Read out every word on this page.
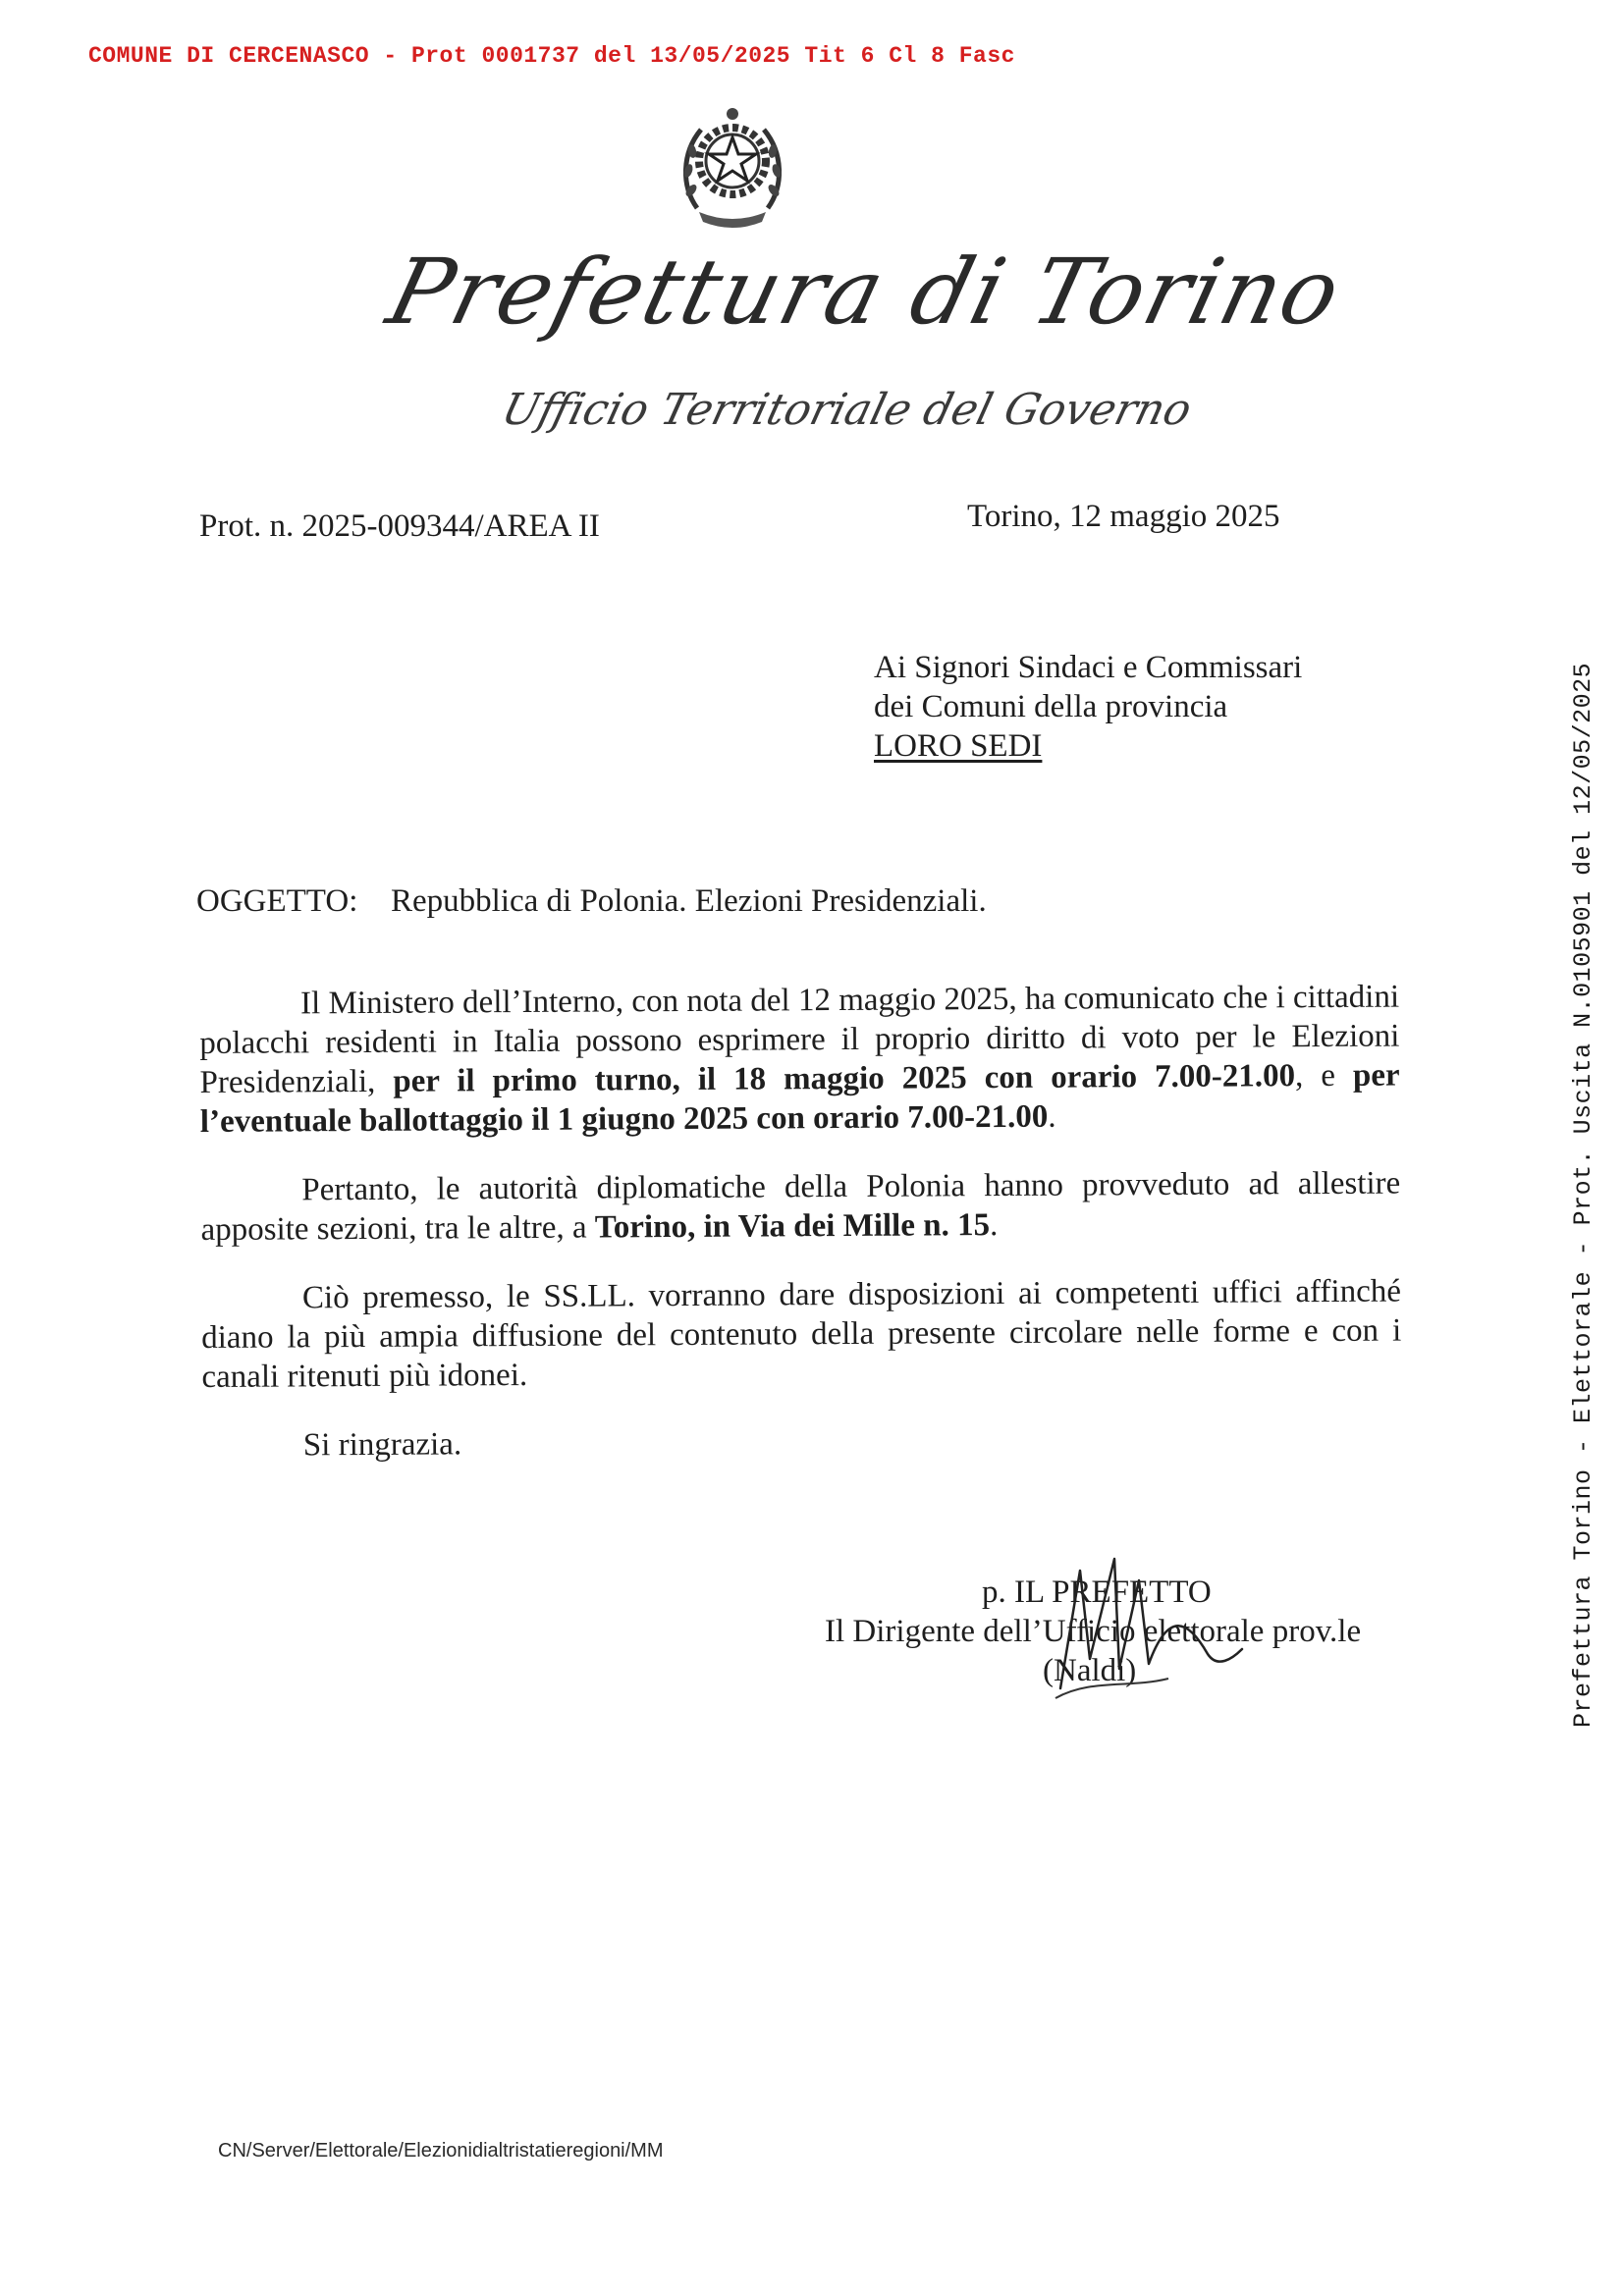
COMUNE DI CERCENASCO - Prot 0001737 del 13/05/2025 Tit 6 Cl 8 Fasc
Prefettura Torino - Elettorale - Prot. Uscita N.0105901 del 12/05/2025
Prefettura di Torino
Ufficio Territoriale del Governo
Prot. n. 2025-009344/AREA II	Torino, 12 maggio 2025
Ai Signori Sindaci e Commissari
dei Comuni della provincia
LORO SEDI
OGGETTO: Repubblica di Polonia. Elezioni Presidenziali.

Il Ministero dell’Interno, con nota del 12 maggio 2025, ha comunicato che i cittadini polacchi residenti in Italia possono esprimere il proprio diritto di voto per le Elezioni Presidenziali, per il primo turno, il 18 maggio 2025 con orario 7.00-21.00, e per l’eventuale ballottaggio il 1 giugno 2025 con orario 7.00-21.00.

Pertanto, le autorità diplomatiche della Polonia hanno provveduto ad allestire apposite sezioni, tra le altre, a Torino, in Via dei Mille n. 15.

Ciò premesso, le SS.LL. vorranno dare disposizioni ai competenti uffici affinché diano la più ampia diffusione del contenuto della presente circolare nelle forme e con i canali ritenuti più idonei.

Si ringrazia.

p. IL PREFETTO
Il Dirigente dell’Ufficio elettorale prov.le
(Naldi)
CN/Server/Elettorale/Elezionidialtristatieregioni/MM
